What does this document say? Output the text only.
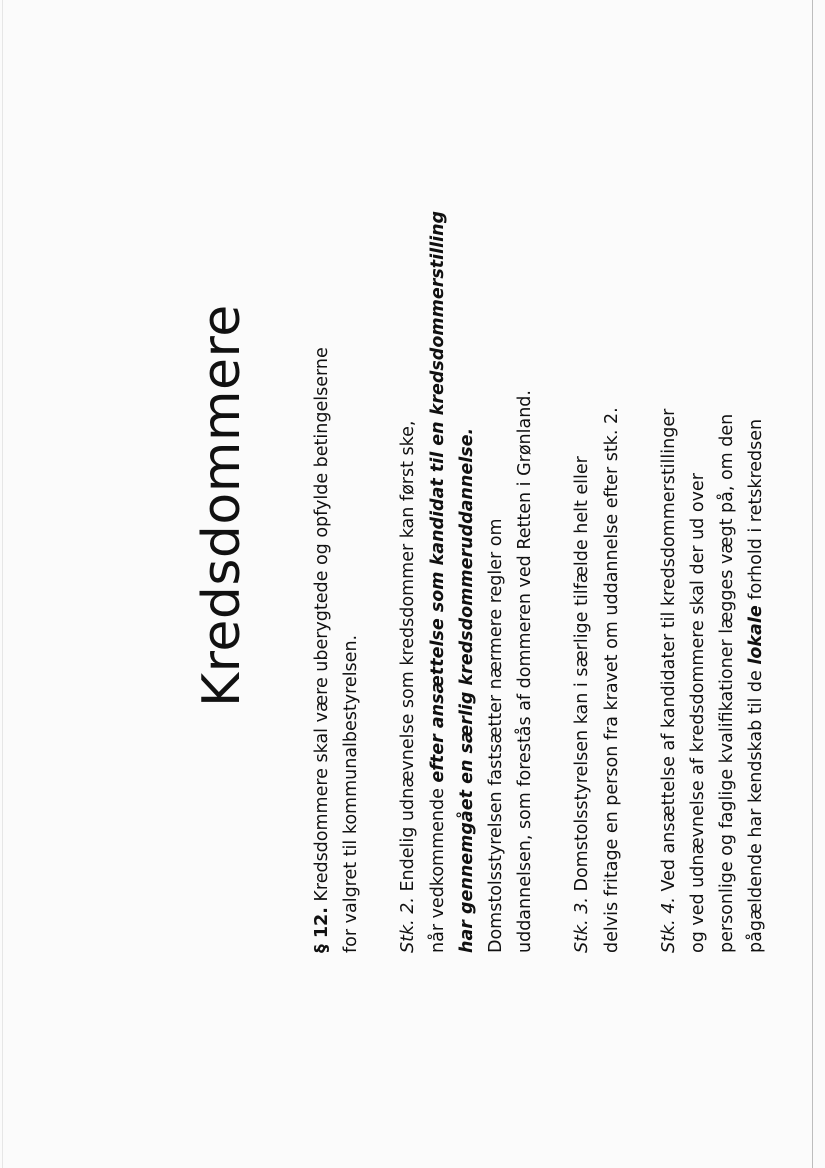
Kredsdommere

§ 12. Kredsdommere skal være uberygtede og opfylde betingelserne for valgret til kommunalbestyrelsen. Stk. 2. Endelig udnævnelse som kredsdommer kan først ske, når vedkommende efter ansættelse som kandidat til en kredsdommerstilling har gennemgået en særlig kredsdommeruddannelse. Domstolsstyrelsen fastsætter nærmere regler om uddannelsen, som forestås af dommeren ved Retten i Grønland. Stk. 3. Domstolsstyrelsen kan i særlige tilfælde helt eller delvis fritage en person fra kravet om uddannelse efter stk. 2. Stk. 4. Ved ansættelse af kandidater til kredsdommerstillinger og ved udnævnelse af kredsdommere skal der ud over personlige og faglige kvalifikationer lægges vægt på, om den pågældende har kendskab til de lokale forhold i retskredsen
